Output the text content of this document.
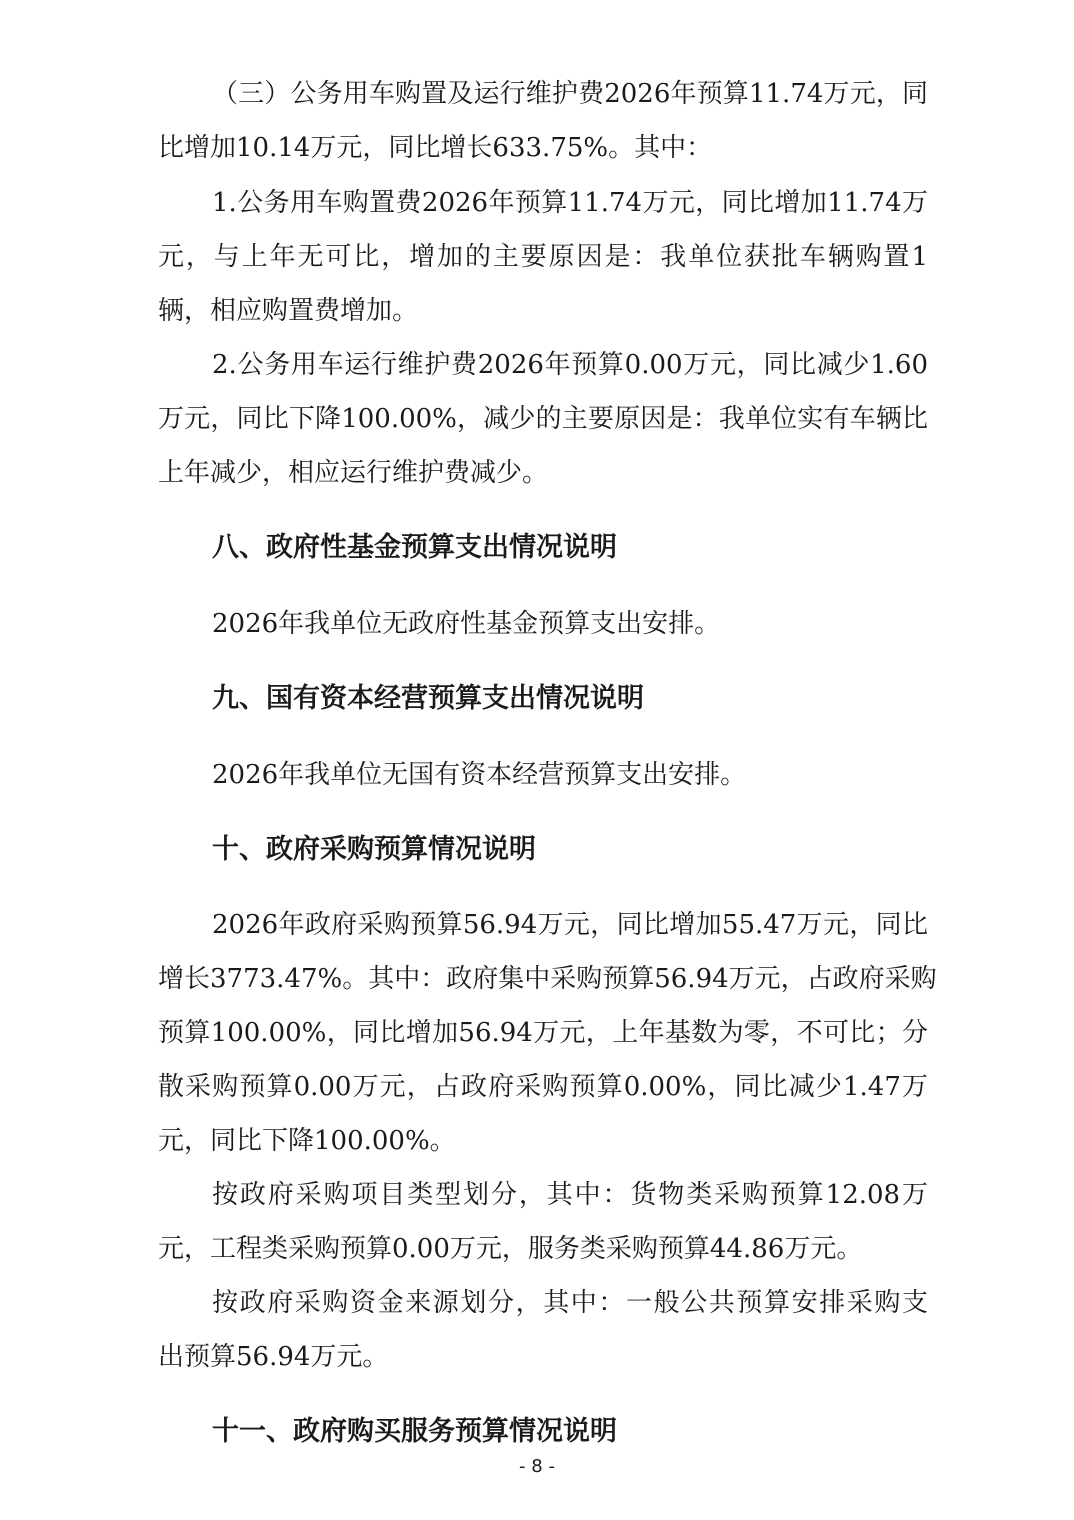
（三）公务用车购置及运行维护费2026年预算11.74万元，同
比增加10.14万元，同比增长633.75%。其中：
1.公务用车购置费2026年预算11.74万元，同比增加11.74万
元，与上年无可比，增加的主要原因是：我单位获批车辆购置1
辆，相应购置费增加。
2.公务用车运行维护费2026年预算0.00万元，同比减少1.60
万元，同比下降100.00%，减少的主要原因是：我单位实有车辆比
上年减少，相应运行维护费减少。
八、政府性基金预算支出情况说明
2026年我单位无政府性基金预算支出安排。
九、国有资本经营预算支出情况说明
2026年我单位无国有资本经营预算支出安排。
十、政府采购预算情况说明
2026年政府采购预算56.94万元，同比增加55.47万元，同比
增长3773.47%。其中：政府集中采购预算56.94万元，占政府采购
预算100.00%，同比增加56.94万元，上年基数为零，不可比；分
散采购预算0.00万元，占政府采购预算0.00%，同比减少1.47万
元，同比下降100.00%。
按政府采购项目类型划分，其中：货物类采购预算12.08万
元，工程类采购预算0.00万元，服务类采购预算44.86万元。
按政府采购资金来源划分，其中：一般公共预算安排采购支
出预算56.94万元。
十一、政府购买服务预算情况说明
- 8 -
